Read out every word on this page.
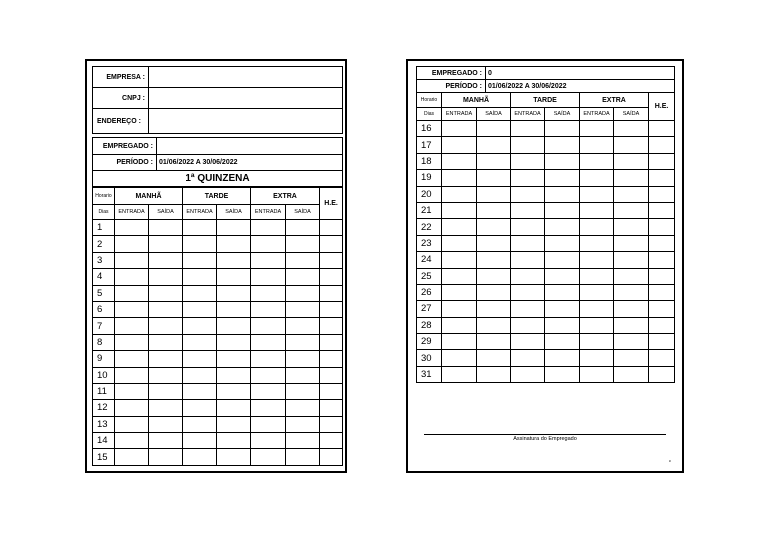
EMPRESA :	
CNPJ :	
ENDEREÇO :	
EMPREGADO :	
PERÍODO :	01/06/2022 A 30/06/2022
1ª QUINZENA	
Horario	MANHÃ		TARDE		EXTRA		H.E.
Dias	ENTRADA	SAÍDA	ENTRADA	SAÍDA	ENTRADA	SAÍDA	
1							
2							
3							
4							
5							
6							
7							
8							
9							
10							
11							
12							
13							
14							
15							
EMPREGADO :	0
PERÍODO :	01/06/2022 A 30/06/2022
Horario	MANHÃ		TARDE		EXTRA		H.E.
Dias	ENTRADA	SAÍDA	ENTRADA	SAÍDA	ENTRADA	SAÍDA	
16							
17							
18							
19							
20							
21							
22							
23							
24							
25							
26							
27							
28							
29							
30							
31							
Assinatura do Empregado
c
